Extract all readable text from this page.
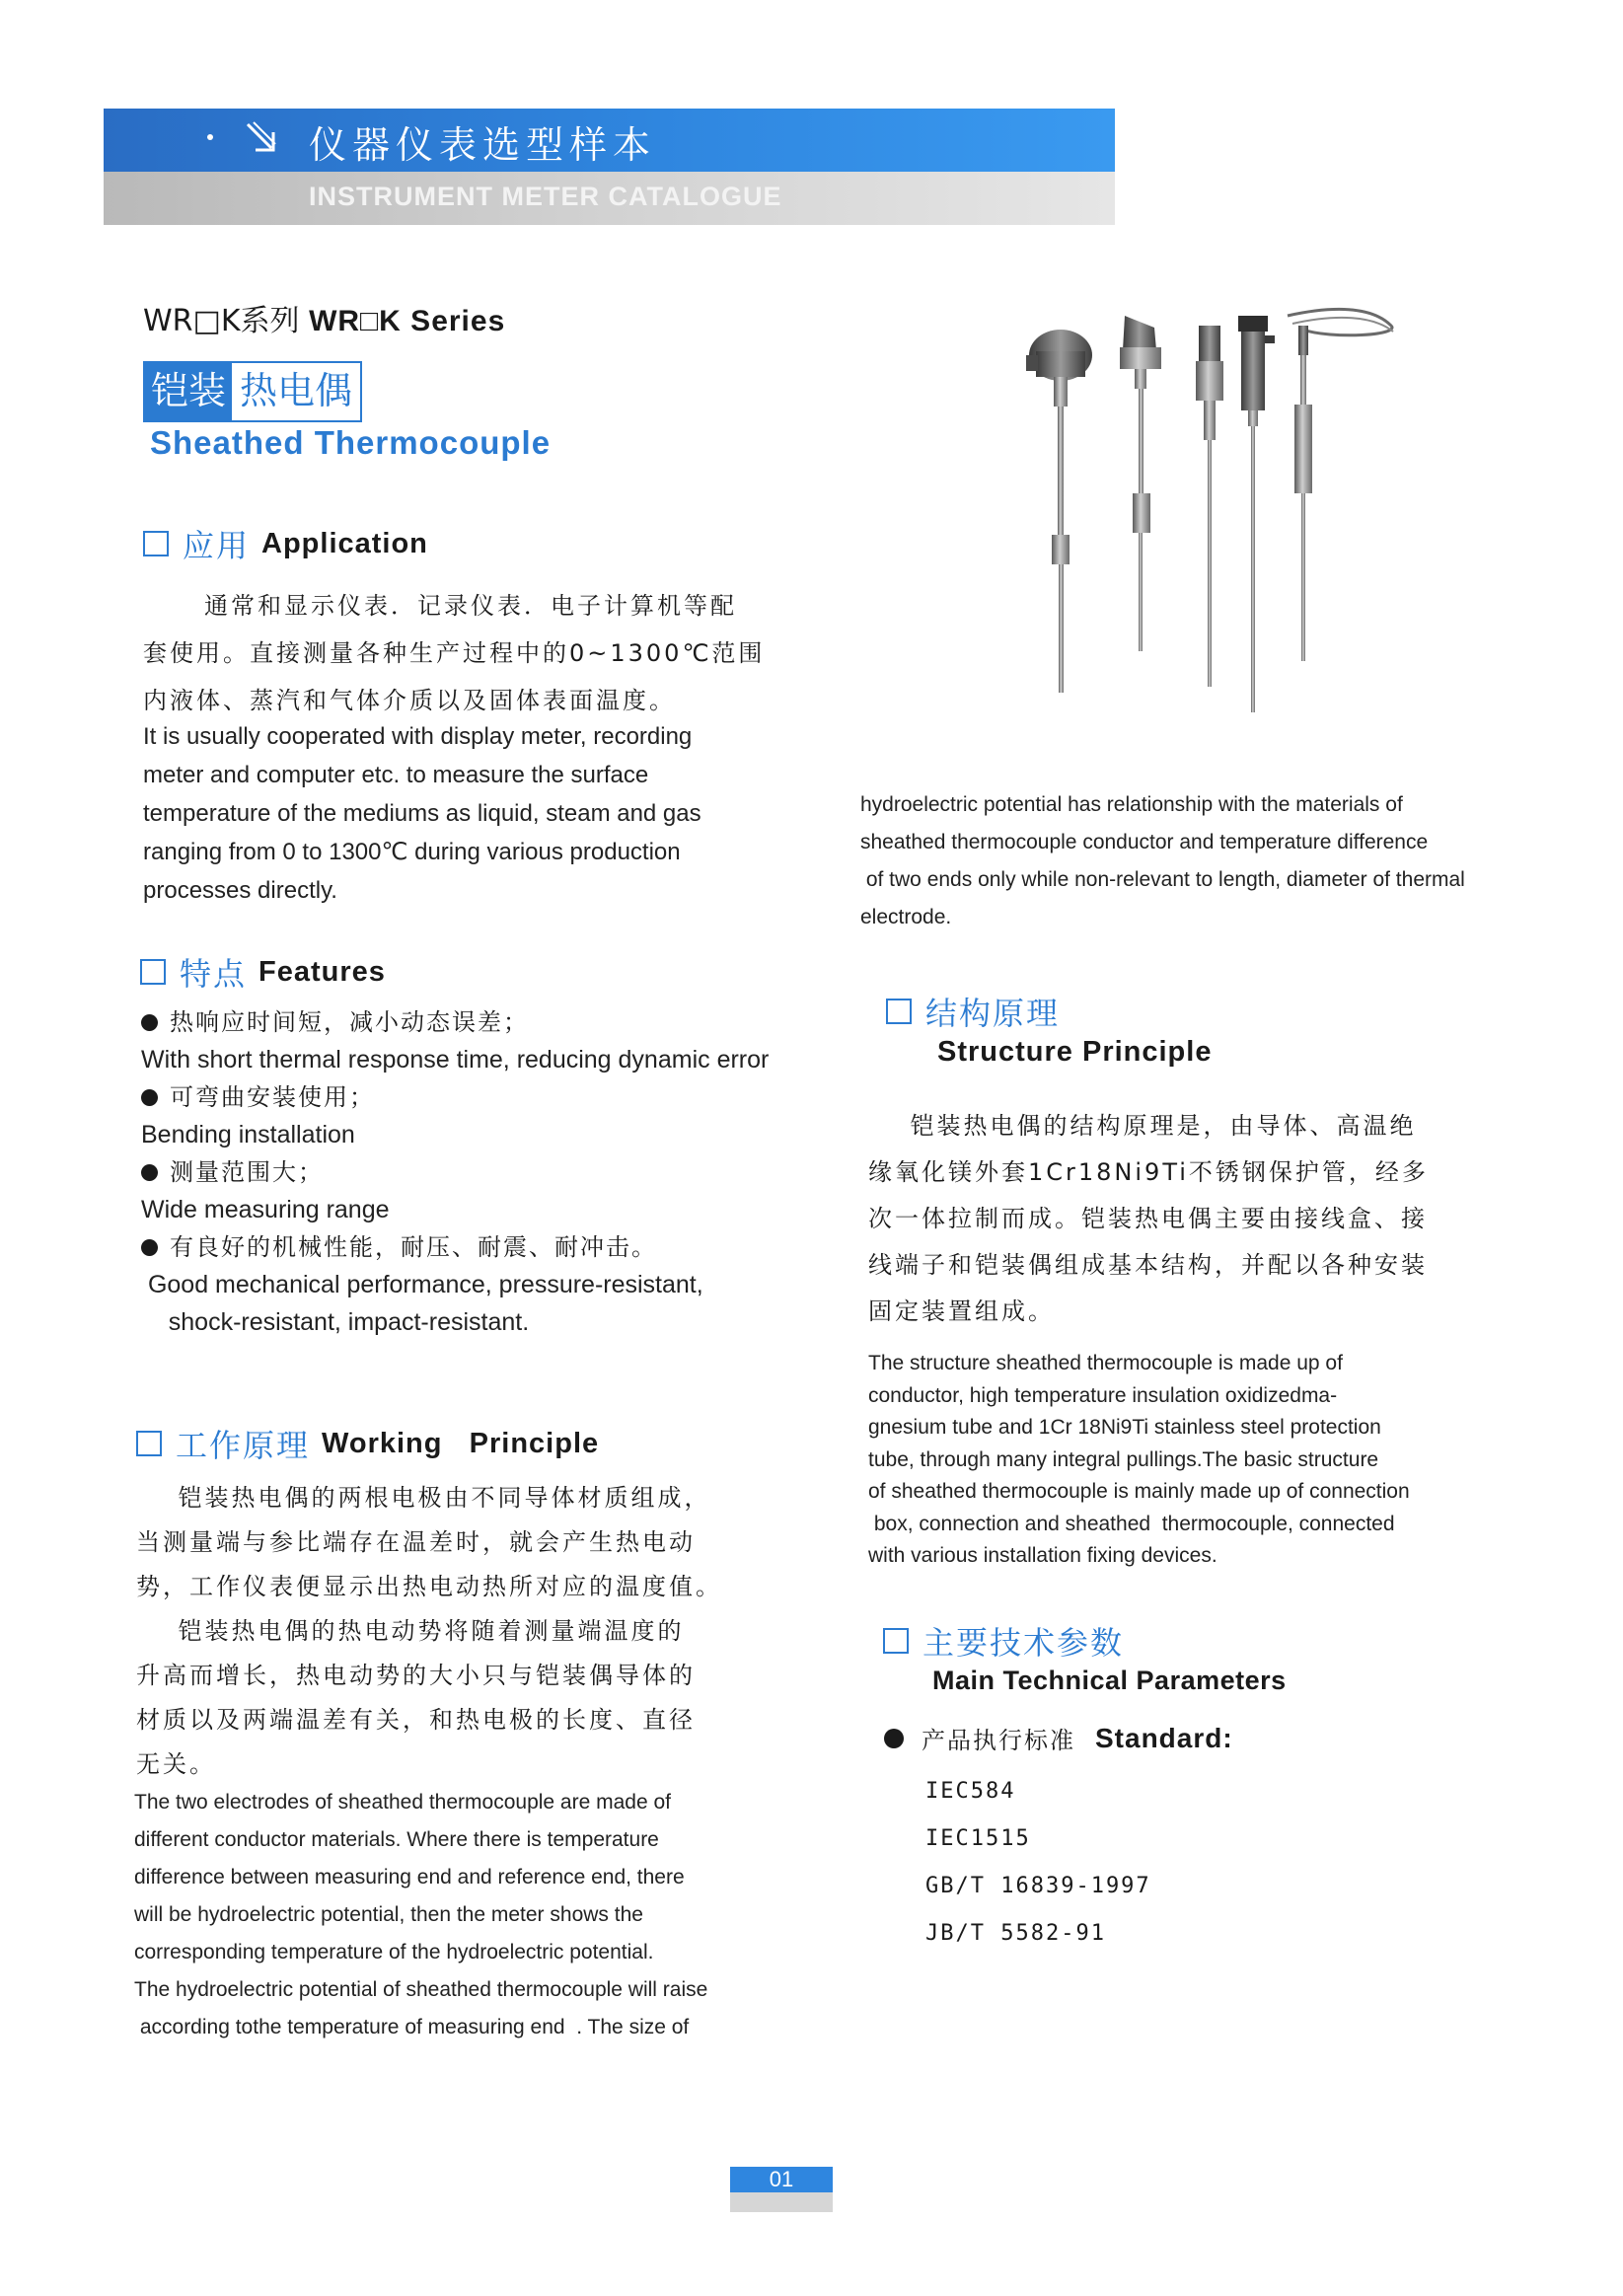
仪器仪表选型样本
INSTRUMENT METER CATALOGUE
WR□K系列 WR□K Series
铠装 热电偶
Sheathed Thermocouple
应用 Application
通常和显示仪表．记录仪表．电子计算机等配
套使用。直接测量各种生产过程中的0~1300℃范围
内液体、蒸汽和气体介质以及固体表面温度。
It is usually cooperated with display meter, recording
meter and computer etc. to measure the surface
temperature of the mediums as liquid, steam and gas
ranging from 0 to 1300℃ during various production
processes directly.
特点 Features
热响应时间短，减小动态误差；
With short thermal response time, reducing dynamic error
可弯曲安装使用；
Bending installation
测量范围大；
Wide measuring range
有良好的机械性能，耐压、耐震、耐冲击。
Good mechanical performance, pressure-resistant,
shock-resistant, impact-resistant.
工作原理 Working   Principle
铠装热电偶的两根电极由不同导体材质组成，
当测量端与参比端存在温差时，就会产生热电动
势，工作仪表便显示出热电动热所对应的温度值。
铠装热电偶的热电动势将随着测量端温度的
升高而增长，热电动势的大小只与铠装偶导体的
材质以及两端温差有关，和热电极的长度、直径
无关。
The two electrodes of sheathed thermocouple are made of
different conductor materials. Where there is temperature
difference between measuring end and reference end, there
will be hydroelectric potential, then the meter shows the
corresponding temperature of the hydroelectric potential.
The hydroelectric potential of sheathed thermocouple will raise
according tothe temperature of measuring end  . The size of
hydroelectric potential has relationship with the materials of
sheathed thermocouple conductor and temperature difference
of two ends only while non-relevant to length, diameter of thermal
electrode.
结构原理
Structure Principle
铠装热电偶的结构原理是，由导体、高温绝
缘氧化镁外套1Cr18Ni9Ti不锈钢保护管，经多
次一体拉制而成。铠装热电偶主要由接线盒、接
线端子和铠装偶组成基本结构，并配以各种安装
固定装置组成。
The structure sheathed thermocouple is made up of
conductor, high temperature insulation oxidizedma-
gnesium tube and 1Cr 18Ni9Ti stainless steel protection
tube, through many integral pullings.The basic structure
of sheathed thermocouple is mainly made up of connection
box, connection and sheathed  thermocouple, connected
with various installation fixing devices.
主要技术参数
Main Technical Parameters
产品执行标准 Standard:
IEC584
IEC1515
GB/T 16839-1997
JB/T 5582-91
01
